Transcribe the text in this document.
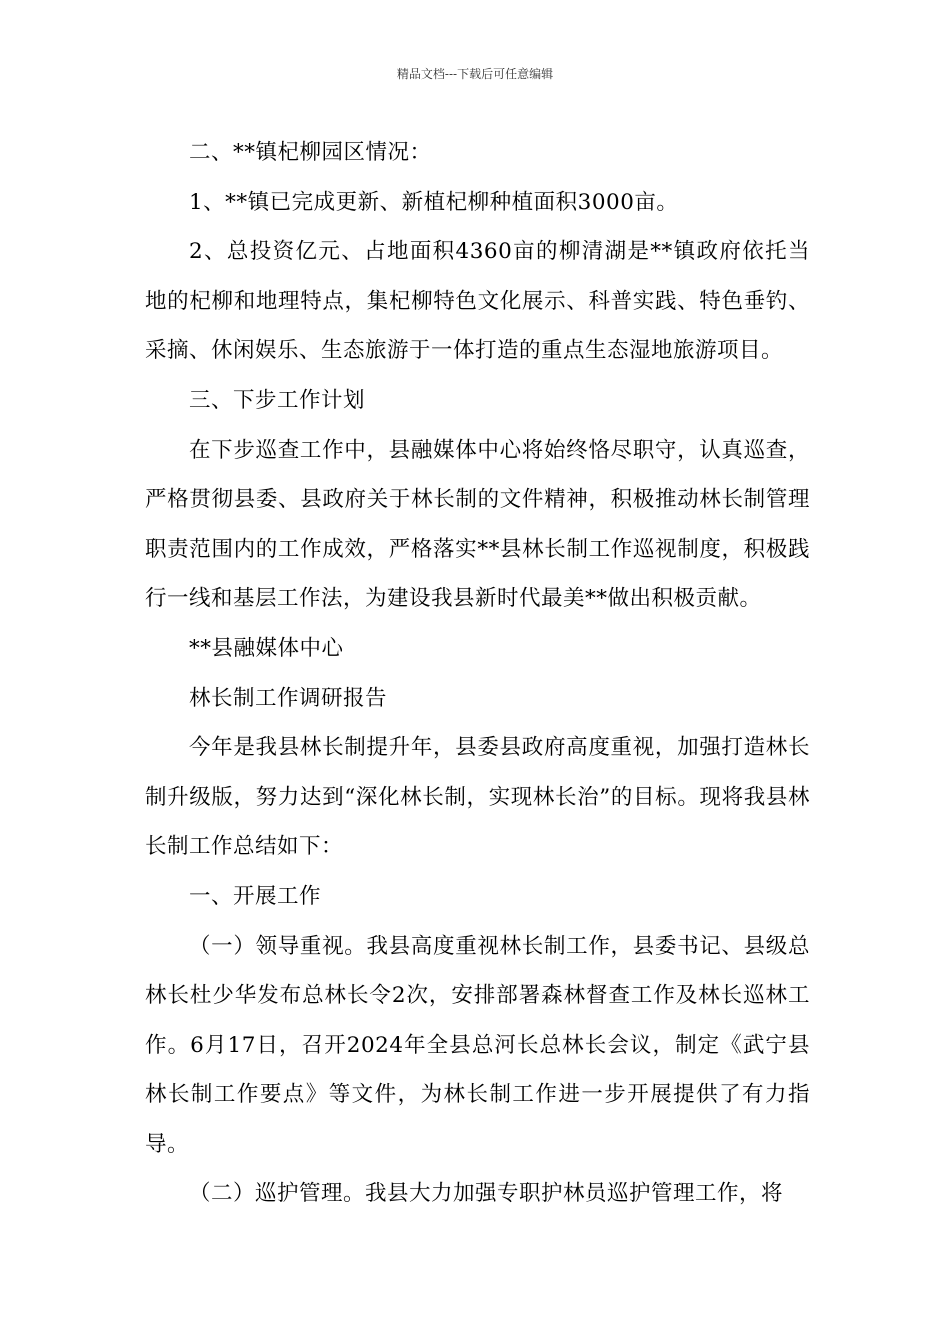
精品文档---下载后可任意编辑

二、**镇杞柳园区情况：

1、**镇已完成更新、新植杞柳种植面积3000亩。

2、总投资亿元、占地面积4360亩的柳清湖是**镇政府依托当地的杞柳和地理特点，集杞柳特色文化展示、科普实践、特色垂钓、采摘、休闲娱乐、生态旅游于一体打造的重点生态湿地旅游项目。

三、下步工作计划

在下步巡查工作中，县融媒体中心将始终恪尽职守，认真巡查，严格贯彻县委、县政府关于林长制的文件精神，积极推动林长制管理职责范围内的工作成效，严格落实**县林长制工作巡视制度，积极践行一线和基层工作法，为建设我县新时代最美**做出积极贡献。

**县融媒体中心

林长制工作调研报告

今年是我县林长制提升年，县委县政府高度重视，加强打造林长制升级版，努力达到“深化林长制，实现林长治”的目标。现将我县林长制工作总结如下：

一、开展工作

（一）领导重视。我县高度重视林长制工作，县委书记、县级总林长杜少华发布总林长令2次，安排部署森林督查工作及林长巡林工作。6月17日，召开2024年全县总河长总林长会议，制定《武宁县林长制工作要点》等文件，为林长制工作进一步开展提供了有力指导。

（二）巡护管理。我县大力加强专职护林员巡护管理工作，将
